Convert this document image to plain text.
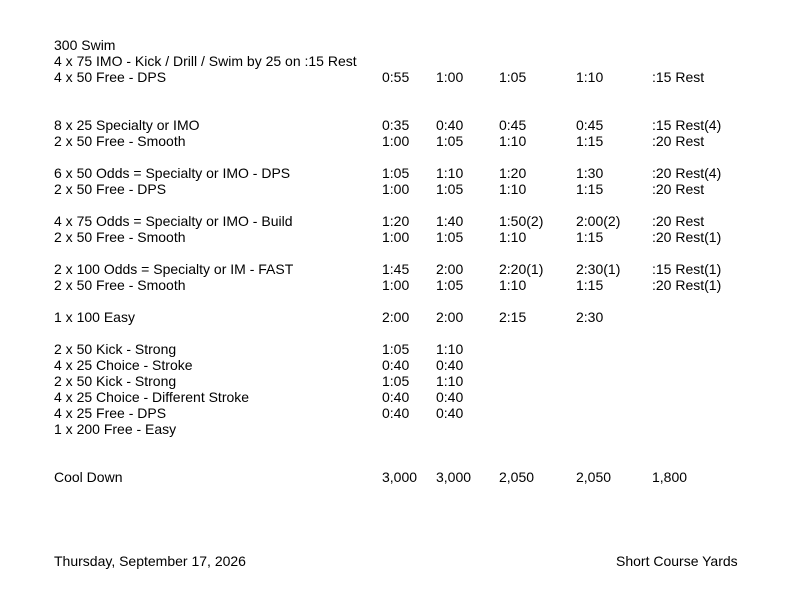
300 Swim
4 x 75 IMO - Kick / Drill / Swim by 25 on :15 Rest
4 x 50 Free - DPS	0:55 1:00	1:05	1:10	:15 Rest
8 x 25 Specialty or IMO	0:35 0:40	0:45	0:45	:15 Rest(4)
2 x 50 Free - Smooth	1:00 1:05	1:10	1:15	:20 Rest
6 x 50 Odds = Specialty or IMO - DPS	1:05 1:10	1:20	1:30	:20 Rest(4)
2 x 50 Free - DPS	1:00 1:05	1:10	1:15	:20 Rest
4 x 75 Odds = Specialty or IMO - Build	1:20 1:40	1:50(2) 2:00(2) :20 Rest
2 x 50 Free - Smooth	1:00 1:05	1:10	1:15	:20 Rest(1)
2 x 100 Odds = Specialty or IM - FAST	1:45 2:00	2:20(1) 2:30(1) :15 Rest(1)
2 x 50 Free - Smooth	1:00 1:05	1:10	1:15	:20 Rest(1)
1 x 100 Easy	2:00 2:00	2:15	2:30
2 x 50 Kick - Strong	1:05 1:10
4 x 25 Choice - Stroke	0:40 0:40
2 x 50 Kick - Strong	1:05 1:10
4 x 25 Choice - Different Stroke	0:40 0:40
4 x 25 Free - DPS	0:40 0:40
1 x 200 Free - Easy
Cool Down	3,000 3,000 2,050	2,050	1,800
Thursday, September 17, 2026	Short Course Yards
